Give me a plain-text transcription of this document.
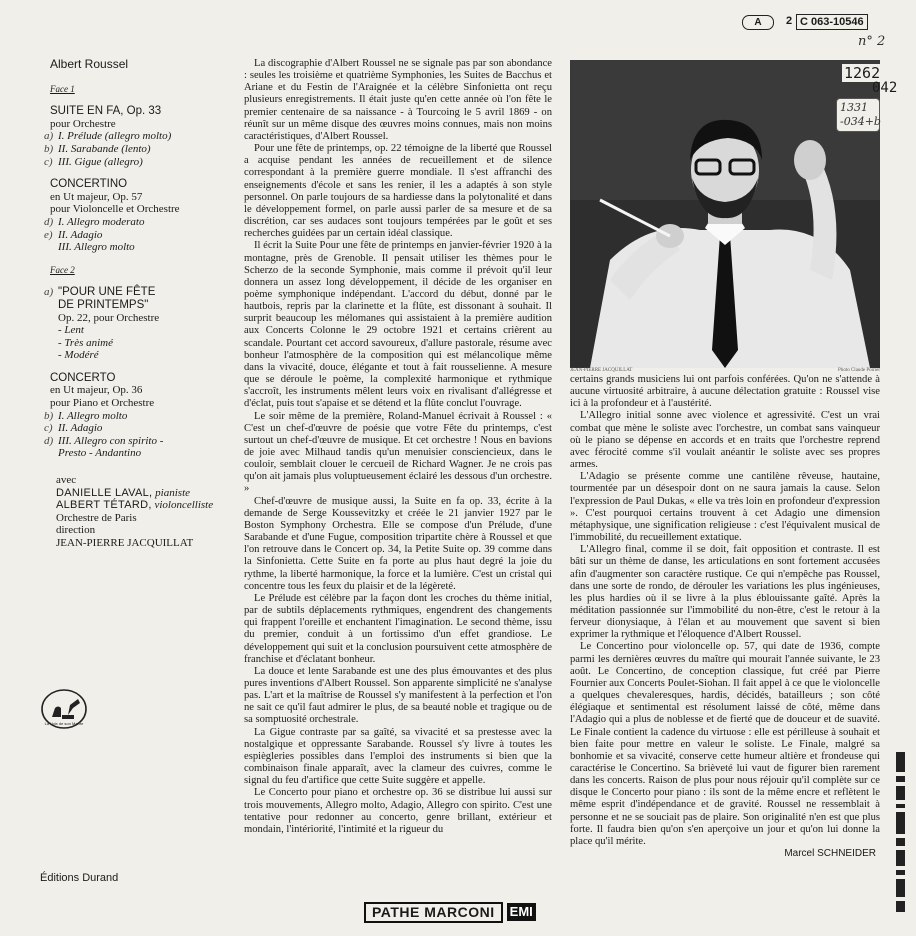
A	2 C 063-10546
n° 2
Albert Roussel
Face 1
SUITE EN FA, Op. 33
pour Orchestre
a) I. Prélude (allegro molto)
b) II. Sarabande (lento)
c) III. Gigue (allegro)
CONCERTINO
en Ut majeur, Op. 57
pour Violoncelle et Orchestre
d) I. Allegro moderato
e) II. Adagio
III. Allegro molto
Face 2
a) "POUR UNE FÊTE
DE PRINTEMPS"
Op. 22, pour Orchestre
- Lent
- Très animé
- Modéré
CONCERTO
en Ut majeur, Op. 36
pour Piano et Orchestre
b) I. Allegro molto
c) II. Adagio
d) III. Allegro con spirito -
Presto - Andantino
avec
DANIELLE LAVAL, pianiste
ALBERT TÉTARD, violoncelliste
Orchestre de Paris
direction
JEAN-PIERRE JACQUILLAT
La Voix de son Maître
Éditions Durand

La discographie d'Albert Roussel ne se signale pas par son abondance : seules les troisième et quatrième Symphonies, les Suites de Bacchus et Ariane et du Festin de l'Araignée et la célèbre Sinfonietta ont reçu plusieurs enregistrements. Il était juste qu'en cette année où l'on fête le premier centenaire de sa naissance - à Tourcoing le 5 avril 1869 - on réunît sur un même disque des œuvres moins connues, mais non moins caractéristiques, d'Albert Roussel.

Pour une fête de printemps, op. 22 témoigne de la liberté que Roussel a acquise pendant les années de recueillement et de silence correspondant à la première guerre mondiale. Il s'est affranchi des enseignements d'école et sans les renier, il les a adaptés à son style personnel. On parle toujours de sa hardiesse dans la polytonalité et dans le développement formel, on parle aussi parler de sa mesure et de sa discrétion, car ses audaces sont toujours tempérées par le goût et ses recherches guidées par un certain idéal classique.

Il écrit la Suite Pour une fête de printemps en janvier-février 1920 à la montagne, près de Grenoble. Il pensait utiliser les thèmes pour le Scherzo de la seconde Symphonie, mais comme il prévoit qu'il leur donnera un assez long développement, il décide de les organiser en poème symphonique indépendant. L'accord du début, donné par le hautbois, repris par la clarinette et la flûte, est dissonant à souhait. Il surprit beaucoup les mélomanes qui assistaient à la première audition aux Concerts Colonne le 29 octobre 1921 et certains crièrent au scandale. Pourtant cet accord savoureux, d'allure pastorale, résume avec bonheur l'atmosphère de la composition qui est mélancolique même dans la vivacité, douce, élégante et tout à fait rousselienne. A mesure que se déroule le poème, la complexité harmonique et rythmique s'accroît, les instruments mêlent leurs voix en rivalisant d'allégresse et d'éclat, puis tout s'apaise et se détend et la flûte conclut l'ouvrage.

Le soir même de la première, Roland-Manuel écrivait à Roussel : « C'est un chef-d'œuvre de poésie que votre Fête du printemps, c'est surtout un chef-d'œuvre de musique. Et cet orchestre ! Nous en bavions de joie avec Milhaud tandis qu'un menuisier consciencieux, dans le couloir, semblait clouer le cercueil de Richard Wagner. Je ne crois pas qu'on ait jamais plus voluptueusement éclairé les dessous d'un orchestre. »

Chef-d'œuvre de musique aussi, la Suite en fa op. 33, écrite à la demande de Serge Koussevitzky et créée le 21 janvier 1927 par le Boston Symphony Orchestra. Elle se compose d'un Prélude, d'une Sarabande et d'une Fugue, composition tripartite chère à Roussel et que l'on retrouve dans le Concert op. 34, la Petite Suite op. 39 comme dans la Sinfonietta. Cette Suite en fa porte au plus haut degré la joie du rythme, la liberté harmonique, la force et la lumière. C'est un cristal qui concentre tous les feux du plaisir et de la légèreté.

Le Prélude est célèbre par la façon dont les croches du thème initial, par de subtils déplacements rythmiques, engendrent des changements qui frappent l'oreille et enchantent l'imagination. Le second thème, issu du premier, conduit à un fortissimo d'un effet grandiose. Le développement qui suit et la conclusion poursuivent cette atmosphère de franchise et d'éclatant bonheur.

La douce et lente Sarabande est une des plus émouvantes et des plus pures inventions d'Albert Roussel. Son apparente simplicité ne s'analyse pas. L'art et la maîtrise de Roussel s'y manifestent à la perfection et l'on ne sait ce qu'il faut admirer le plus, de sa beauté noble et tragique ou de sa somptuosité orchestrale.

La Gigue contraste par sa gaîté, sa vivacité et sa prestesse avec la nostalgique et oppressante Sarabande. Roussel s'y livre à toutes les espiègleries possibles dans l'emploi des instruments si bien que la combinaison finale apparaît, avec la clameur des cuivres, comme le signal du feu d'artifice que cette Suite suggère et appelle.

Le Concerto pour piano et orchestre op. 36 se distribue lui aussi sur trois mouvements, Allegro molto, Adagio, Allegro con spirito. C'est une tentative pour redonner au concerto, genre brillant, extérieur et mondain, l'intériorité, l'intimité et la rigueur du

JEAN-PIERRE JACQUILLAT	Photo Claude Poirier
1262
042
1331
-034+b

certains grands musiciens lui ont parfois conférées. Qu'on ne s'attende à aucune virtuosité arbitraire, à aucune délectation gratuite : Roussel vise ici à la profondeur et à l'austérité.

L'Allegro initial sonne avec violence et agressivité. C'est un vrai combat que mène le soliste avec l'orchestre, un combat sans vainqueur où le piano se dépense en accords et en traits que l'orchestre reprend avec férocité comme s'il voulait anéantir le soliste avec ses propres armes.

L'Adagio se présente comme une cantilène rêveuse, hautaine, tourmentée par un désespoir dont on ne saura jamais la cause. Selon l'expression de Paul Dukas, « elle va très loin en profondeur d'expression ». C'est pourquoi certains trouvent à cet Adagio une dimension métaphysique, une signification religieuse : c'est l'équivalent musical de l'immobilité, du recueillement extatique.

L'Allegro final, comme il se doit, fait opposition et contraste. Il est bâti sur un thème de danse, les articulations en sont fortement accusées afin d'augmenter son caractère rustique. Ce qui n'empêche pas Roussel, dans une sorte de rondo, de dérouler les variations les plus ingénieuses, les plus hardies où il se livre à la plus éblouissante gaîté. Après la méditation passionnée sur l'immobilité du non-être, c'est le retour à la ferveur dionysiaque, à l'élan et au mouvement que savent si bien exprimer la rythmique et l'éloquence d'Albert Roussel.

Le Concertino pour violoncelle op. 57, qui date de 1936, compte parmi les dernières œuvres du maître qui mourait l'année suivante, le 23 août. Le Concertino, de conception classique, fut créé par Pierre Fournier aux Concerts Poulet-Siohan. Il fait appel à ce que le violoncelle a quelques chevaleresques, hardis, décidés, batailleurs ; son côté élégiaque et sentimental est résolument laissé de côté, même dans l'Adagio qui a plus de noblesse et de fierté que de douceur et de suavité. Le Finale contient la cadence du virtuose : elle est périlleuse à souhait et bien faite pour mettre en valeur le soliste. Le Finale, malgré sa bonhomie et sa vivacité, conserve cette humeur altière et frondeuse qui caractérise le Concertino. Sa brièveté lui vaut de figurer bien rarement dans les concerts. Raison de plus pour nous réjouir qu'il complète sur ce disque le Concerto pour piano : ils sont de la même encre et reflètent le même esprit d'indépendance et de gravité. Roussel ne ressemblait à personne et ne se souciait pas de plaire. Son originalité n'en est que plus forte. Il faudra bien qu'on s'en aperçoive un jour et qu'on lui donne la place qu'il mérite.

Marcel SCHNEIDER
PATHE MARCONI	EMI
